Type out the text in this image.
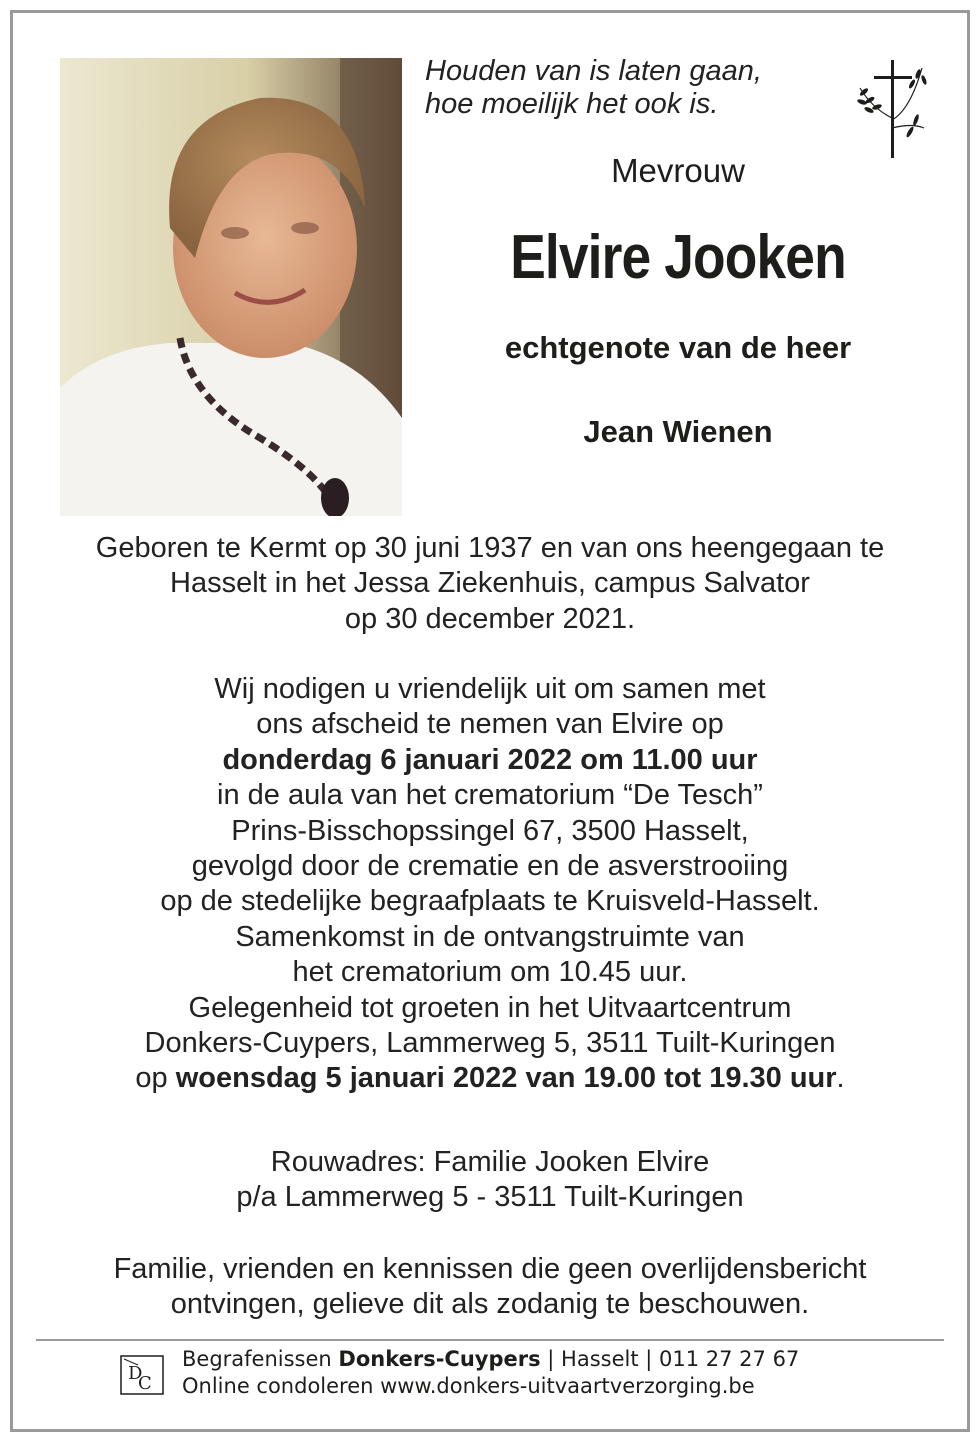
Houden van is laten gaan,
hoe moeilijk het ook is.
Mevrouw
Elvire Jooken
echtgenote van de heer
Jean Wienen
Geboren te Kermt op 30 juni 1937 en van ons heengegaan te
Hasselt in het Jessa Ziekenhuis, campus Salvator
op 30 december 2021.
Wij nodigen u vriendelijk uit om samen met
ons afscheid te nemen van Elvire op
donderdag 6 januari 2022 om 11.00 uur
in de aula van het crematorium “De Tesch”
Prins-Bisschopssingel 67, 3500 Hasselt,
gevolgd door de crematie en de asverstrooiing
op de stedelijke begraafplaats te Kruisveld-Hasselt.
Samenkomst in de ontvangstruimte van
het crematorium om 10.45 uur.
Gelegenheid tot groeten in het Uitvaartcentrum
Donkers-Cuypers, Lammerweg 5, 3511 Tuilt-Kuringen
op woensdag 5 januari 2022 van 19.00 tot 19.30 uur.
Rouwadres: Familie Jooken Elvire
p/a Lammerweg 5 - 3511 Tuilt-Kuringen
Familie, vrienden en kennissen die geen overlijdensbericht
ontvingen, gelieve dit als zodanig te beschouwen.
D
C
Begrafenissen Donkers-Cuypers | Hasselt | 011 27 27 67
Online condoleren www.donkers-uitvaartverzorging.be
